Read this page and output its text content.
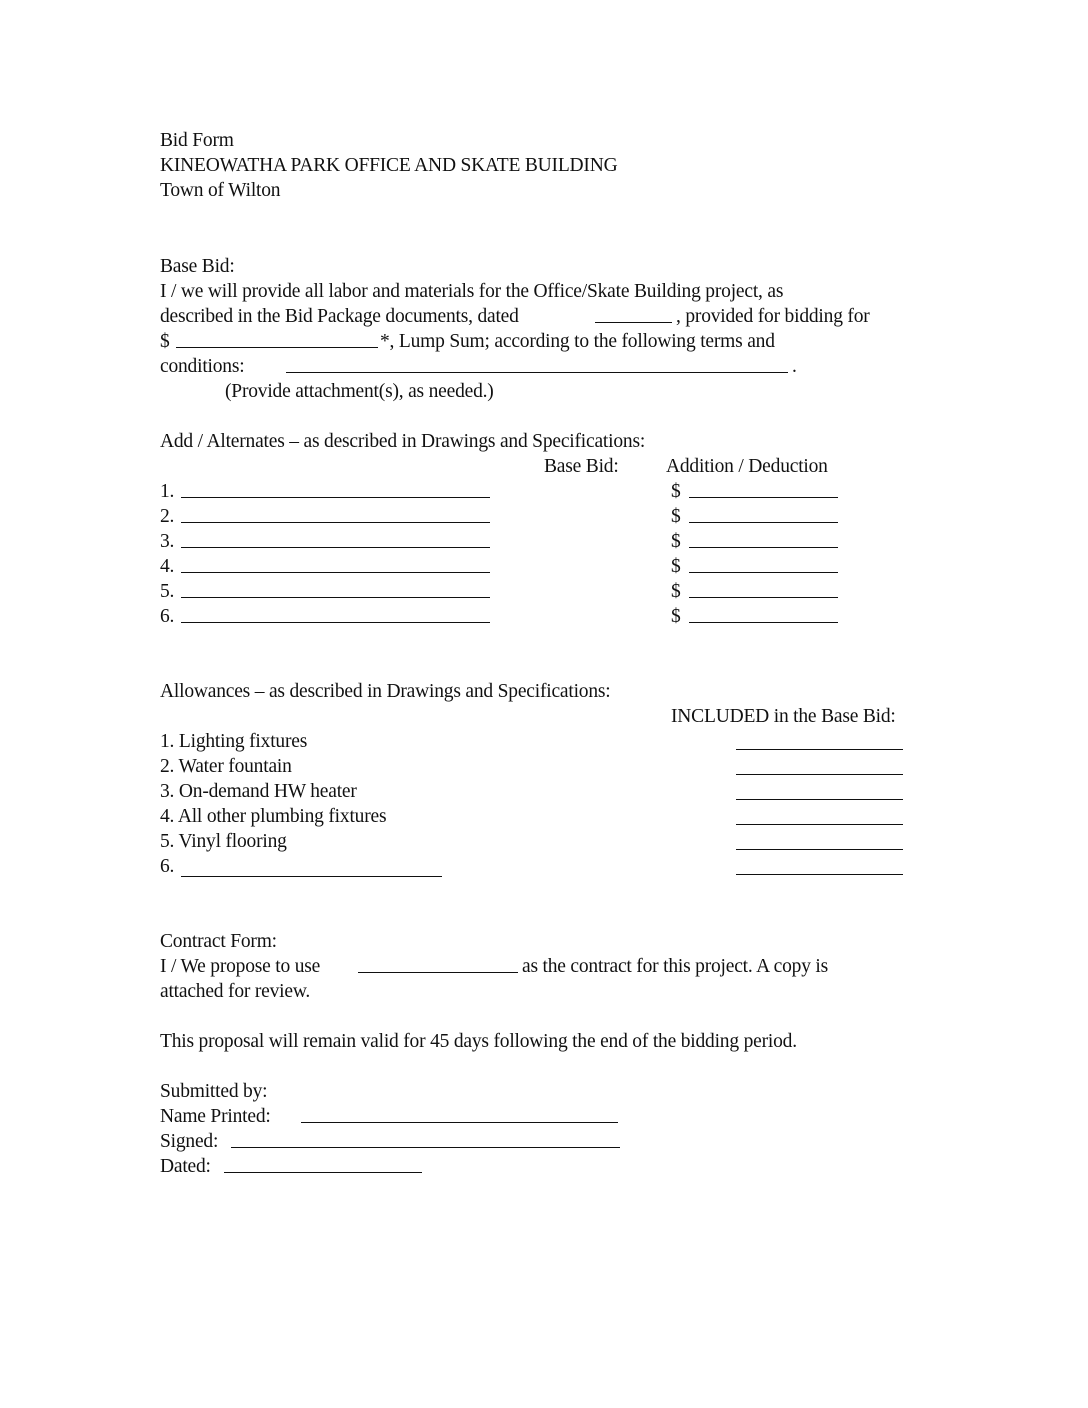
Bid Form
KINEOWATHA PARK OFFICE AND SKATE BUILDING
Town of Wilton
Base Bid:
I / we will provide all labor and materials for the Office/Skate Building project, as
described in the Bid Package documents, dated	, provided for bidding for
$	*, Lump Sum; according to the following terms and
conditions:	.
(Provide attachment(s), as needed.)
Add / Alternates – as described in Drawings and Specifications:
Base Bid: Addition / Deduction
1.	$
2.	$
3.	$
4.	$
5.	$
6.	$
Allowances – as described in Drawings and Specifications:
INCLUDED in the Base Bid:
1. Lighting fixtures
2. Water fountain
3. On-demand HW heater
4. All other plumbing fixtures
5. Vinyl flooring
6.
Contract Form:
I / We propose to use	as the contract for this project. A copy is
attached for review.
This proposal will remain valid for 45 days following the end of the bidding period.
Submitted by:
Name Printed:
Signed:
Dated:
